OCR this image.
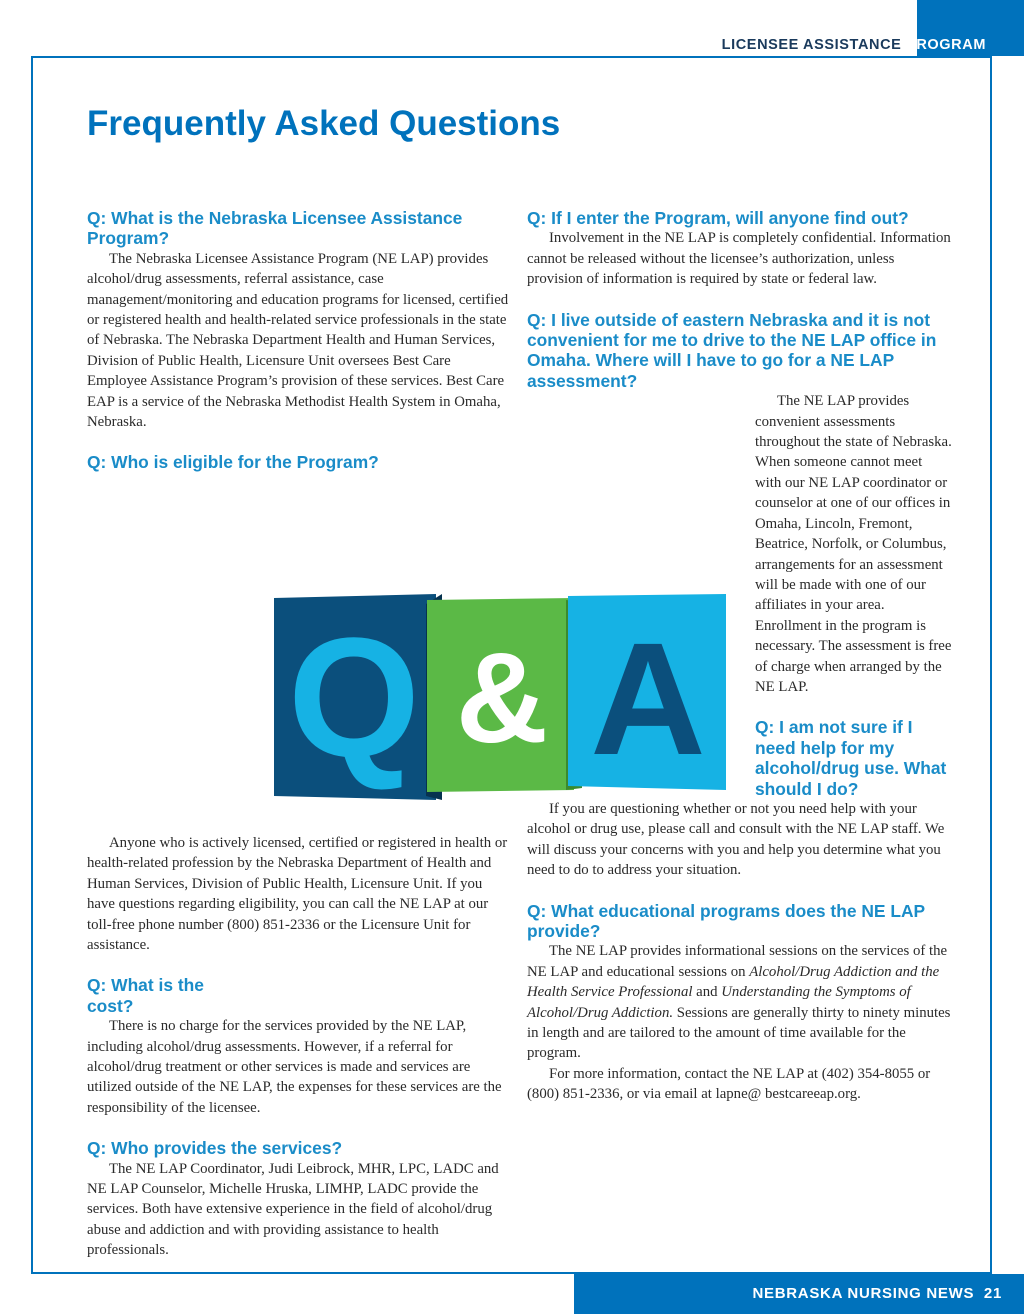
LICENSEE ASSISTANCE PROGRAM
Frequently Asked Questions
Q: What is the Nebraska Licensee Assistance Program?

The Nebraska Licensee Assistance Program (NE LAP) provides alcohol/drug assessments, referral assistance, case management/monitoring and education programs for licensed, certified or registered health and health-related service professionals in the state of Nebraska. The Nebraska Department Health and Human Services, Division of Public Health, Licensure Unit oversees Best Care Employee Assistance Program’s provision of these services. Best Care EAP is a service of the Nebraska Methodist Health System in Omaha, Nebraska.

Q: Who is eligible for the Program?

Anyone who is actively licensed, certified or registered in health or health-related profession by the Nebraska Department of Health and Human Services, Division of Public Health, Licensure Unit. If you have questions regarding eligibility, you can call the NE LAP at our toll-free phone number (800) 851-2336 or the Licensure Unit for assistance.

Q: What is the cost?

There is no charge for the services provided by the NE LAP, including alcohol/drug assessments. However, if a referral for alcohol/drug treatment or other services is made and services are utilized outside of the NE LAP, the expenses for these services are the responsibility of the licensee.

Q: Who provides the services?

The NE LAP Coordinator, Judi Leibrock, MHR, LPC, LADC and NE LAP Counselor, Michelle Hruska, LIMHP, LADC provide the services. Both have extensive experience in the field of alcohol/drug abuse and addiction and with providing assistance to health professionals.

Q: If I enter the Program, will anyone find out?

Involvement in the NE LAP is completely confidential. Information cannot be released without the licensee’s authorization, unless provision of information is required by state or federal law.

Q: I live outside of eastern Nebraska and it is not convenient for me to drive to the NE LAP office in Omaha. Where will I have to go for a NE LAP assessment?

The NE LAP provides convenient assessments throughout the state of Nebraska. When someone cannot meet with our NE LAP coordinator or counselor at one of our offices in Omaha, Lincoln, Fremont, Beatrice, Norfolk, or Columbus, arrangements for an assessment will be made with one of our affiliates in your area. Enrollment in the program is necessary. The assessment is free of charge when arranged by the NE LAP.

Q: I am not sure if I need help for my alcohol/drug use. What should I do?

If you are questioning whether or not you need help with your alcohol or drug use, please call and consult with the NE LAP staff. We will discuss your concerns with you and help you determine what you need to do to address your situation.

Q: What educational programs does the NE LAP provide?

The NE LAP provides informational sessions on the services of the NE LAP and educational sessions on Alcohol/Drug Addiction and the Health Service Professional and Understanding the Symptoms of Alcohol/Drug Addiction. Sessions are generally thirty to ninety minutes in length and are tailored to the amount of time available for the program.

For more information, contact the NE LAP at (402) 354-8055 or (800) 851-2336, or via email at lapne@ bestcareeap.org.

Q & A
NEBRASKA NURSING NEWS 21
